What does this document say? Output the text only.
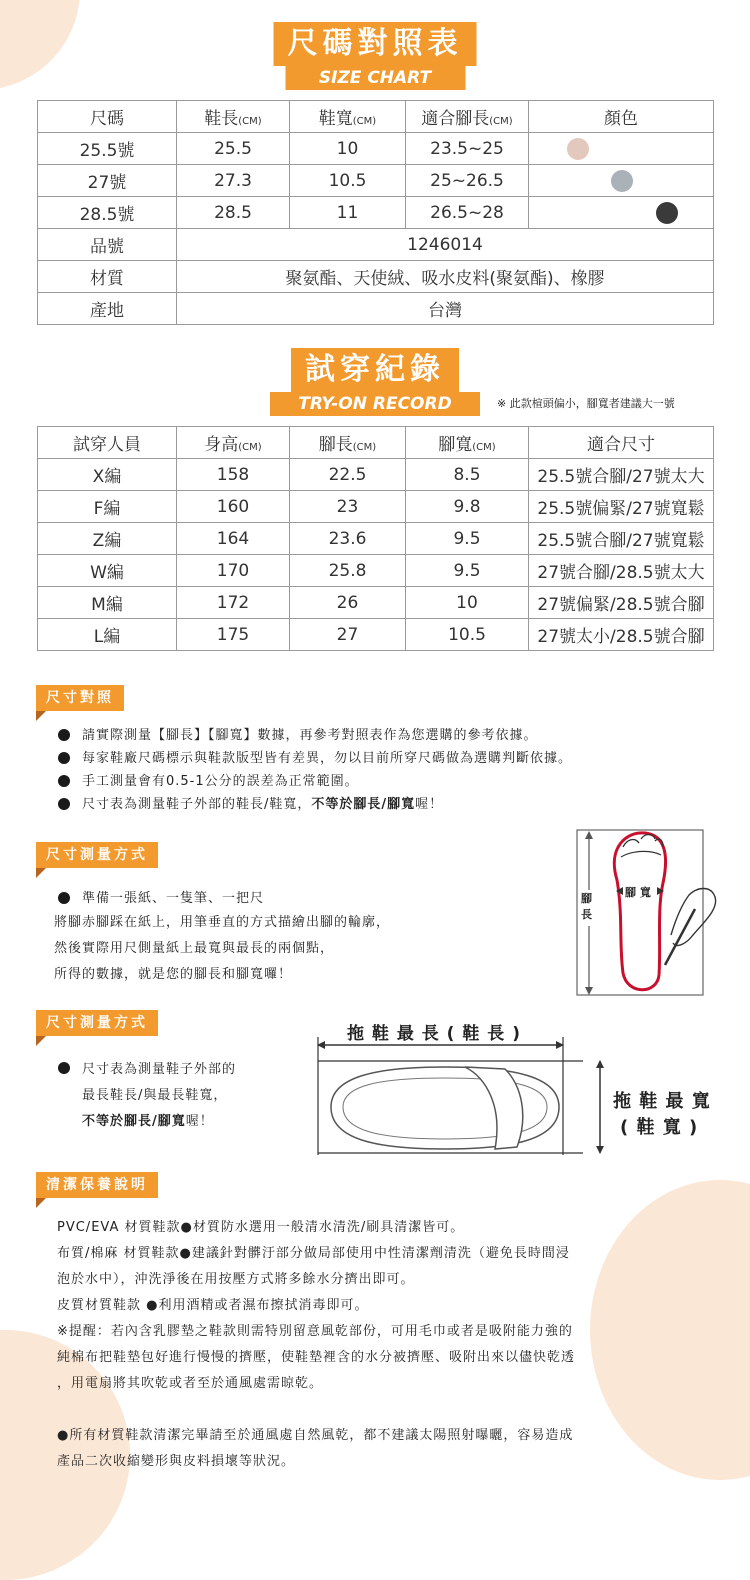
尺碼對照表
SIZE CHART
尺碼	鞋長(CM)	鞋寬(CM)	適合腳長(CM)	顏色
25.5號	25.5	10	23.5~25	
27號	27.3	10.5	25~26.5	
28.5號	28.5	11	26.5~28	
品號	1246014			
材質	聚氨酯、天使絨、吸水皮料(聚氨酯)、橡膠			
產地	台灣			
試穿紀錄
TRY-ON RECORD	※ 此款楦頭偏小，腳寬者建議大一號
試穿人員	身高(CM)	腳長(CM)	腳寬(CM)	適合尺寸
X編	158	22.5	8.5	25.5號合腳/27號太大
F編	160	23	9.8	25.5號偏緊/27號寬鬆
Z編	164	23.6	9.5	25.5號合腳/27號寬鬆
W編	170	25.8	9.5	27號合腳/28.5號太大
M編	172	26	10	27號偏緊/28.5號合腳
L編	175	27	10.5	27號太小/28.5號合腳
尺寸對照
請實際測量【腳長】【腳寬】數據，再參考對照表作為您選購的參考依據。
每家鞋廠尺碼標示與鞋款版型皆有差異，勿以目前所穿尺碼做為選購判斷依據。
手工測量會有0.5-1公分的誤差為正常範圍。
尺寸表為測量鞋子外部的鞋長/鞋寬，不等於腳長/腳寬喔！
尺寸測量方式
準備一張紙、一隻筆、一把尺
將腳赤腳踩在紙上，用筆垂直的方式描繪出腳的輪廓，
然後實際用尺側量紙上最寬與最長的兩個點，
所得的數據，就是您的腳長和腳寬囉！
腳長
腳 寬
尺寸測量方式
尺寸表為測量鞋子外部的
最長鞋長/與最長鞋寬，
不等於腳長/腳寬喔！
拖 鞋 最 長 ( 鞋 長 )
拖 鞋 最 寬
( 鞋 寬 )
清潔保養說明
PVC/EVA 材質鞋款●材質防水選用一般清水清洗/刷具清潔皆可。
布質/棉麻 材質鞋款●建議針對髒汙部分做局部使用中性清潔劑清洗（避免長時間浸
泡於水中），沖洗淨後在用按壓方式將多餘水分擠出即可。
皮質材質鞋款 ●利用酒精或者濕布擦拭消毒即可。
※提醒：若內含乳膠墊之鞋款則需特別留意風乾部份，可用毛巾或者是吸附能力強的
純棉布把鞋墊包好進行慢慢的擠壓，使鞋墊裡含的水分被擠壓、吸附出來以儘快乾透
，用電扇將其吹乾或者至於通風處需晾乾。
●所有材質鞋款清潔完畢請至於通風處自然風乾，都不建議太陽照射曝曬，容易造成
產品二次收縮變形與皮料損壞等狀況。
